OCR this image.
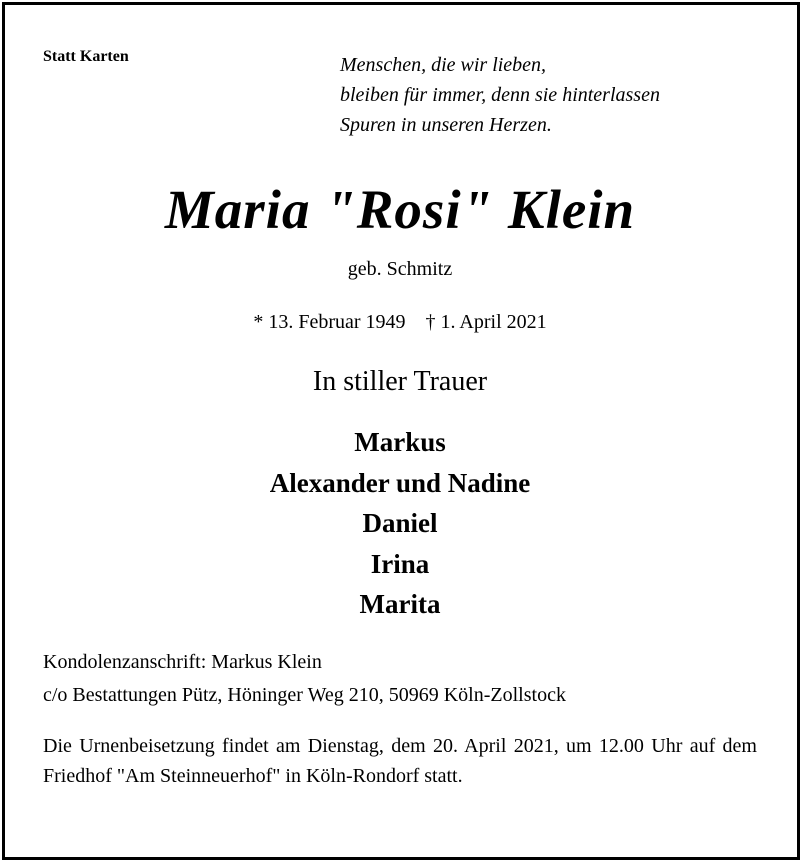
Statt Karten	Menschen, die wir lieben,
bleiben für immer, denn sie hinterlassen
Spuren in unseren Herzen.
Maria "Rosi" Klein
geb. Schmitz
* 13. Februar 1949 † 1. April 2021
In stiller Trauer
Markus
Alexander und Nadine
Daniel
Irina
Marita
Kondolenzanschrift: Markus Klein
c/o Bestattungen Pütz, Höninger Weg 210, 50969 Köln-Zollstock
Die Urnenbeisetzung findet am Dienstag, dem 20. April 2021, um 12.00 Uhr auf dem Friedhof "Am Steinneuerhof" in Köln-Rondorf statt.
